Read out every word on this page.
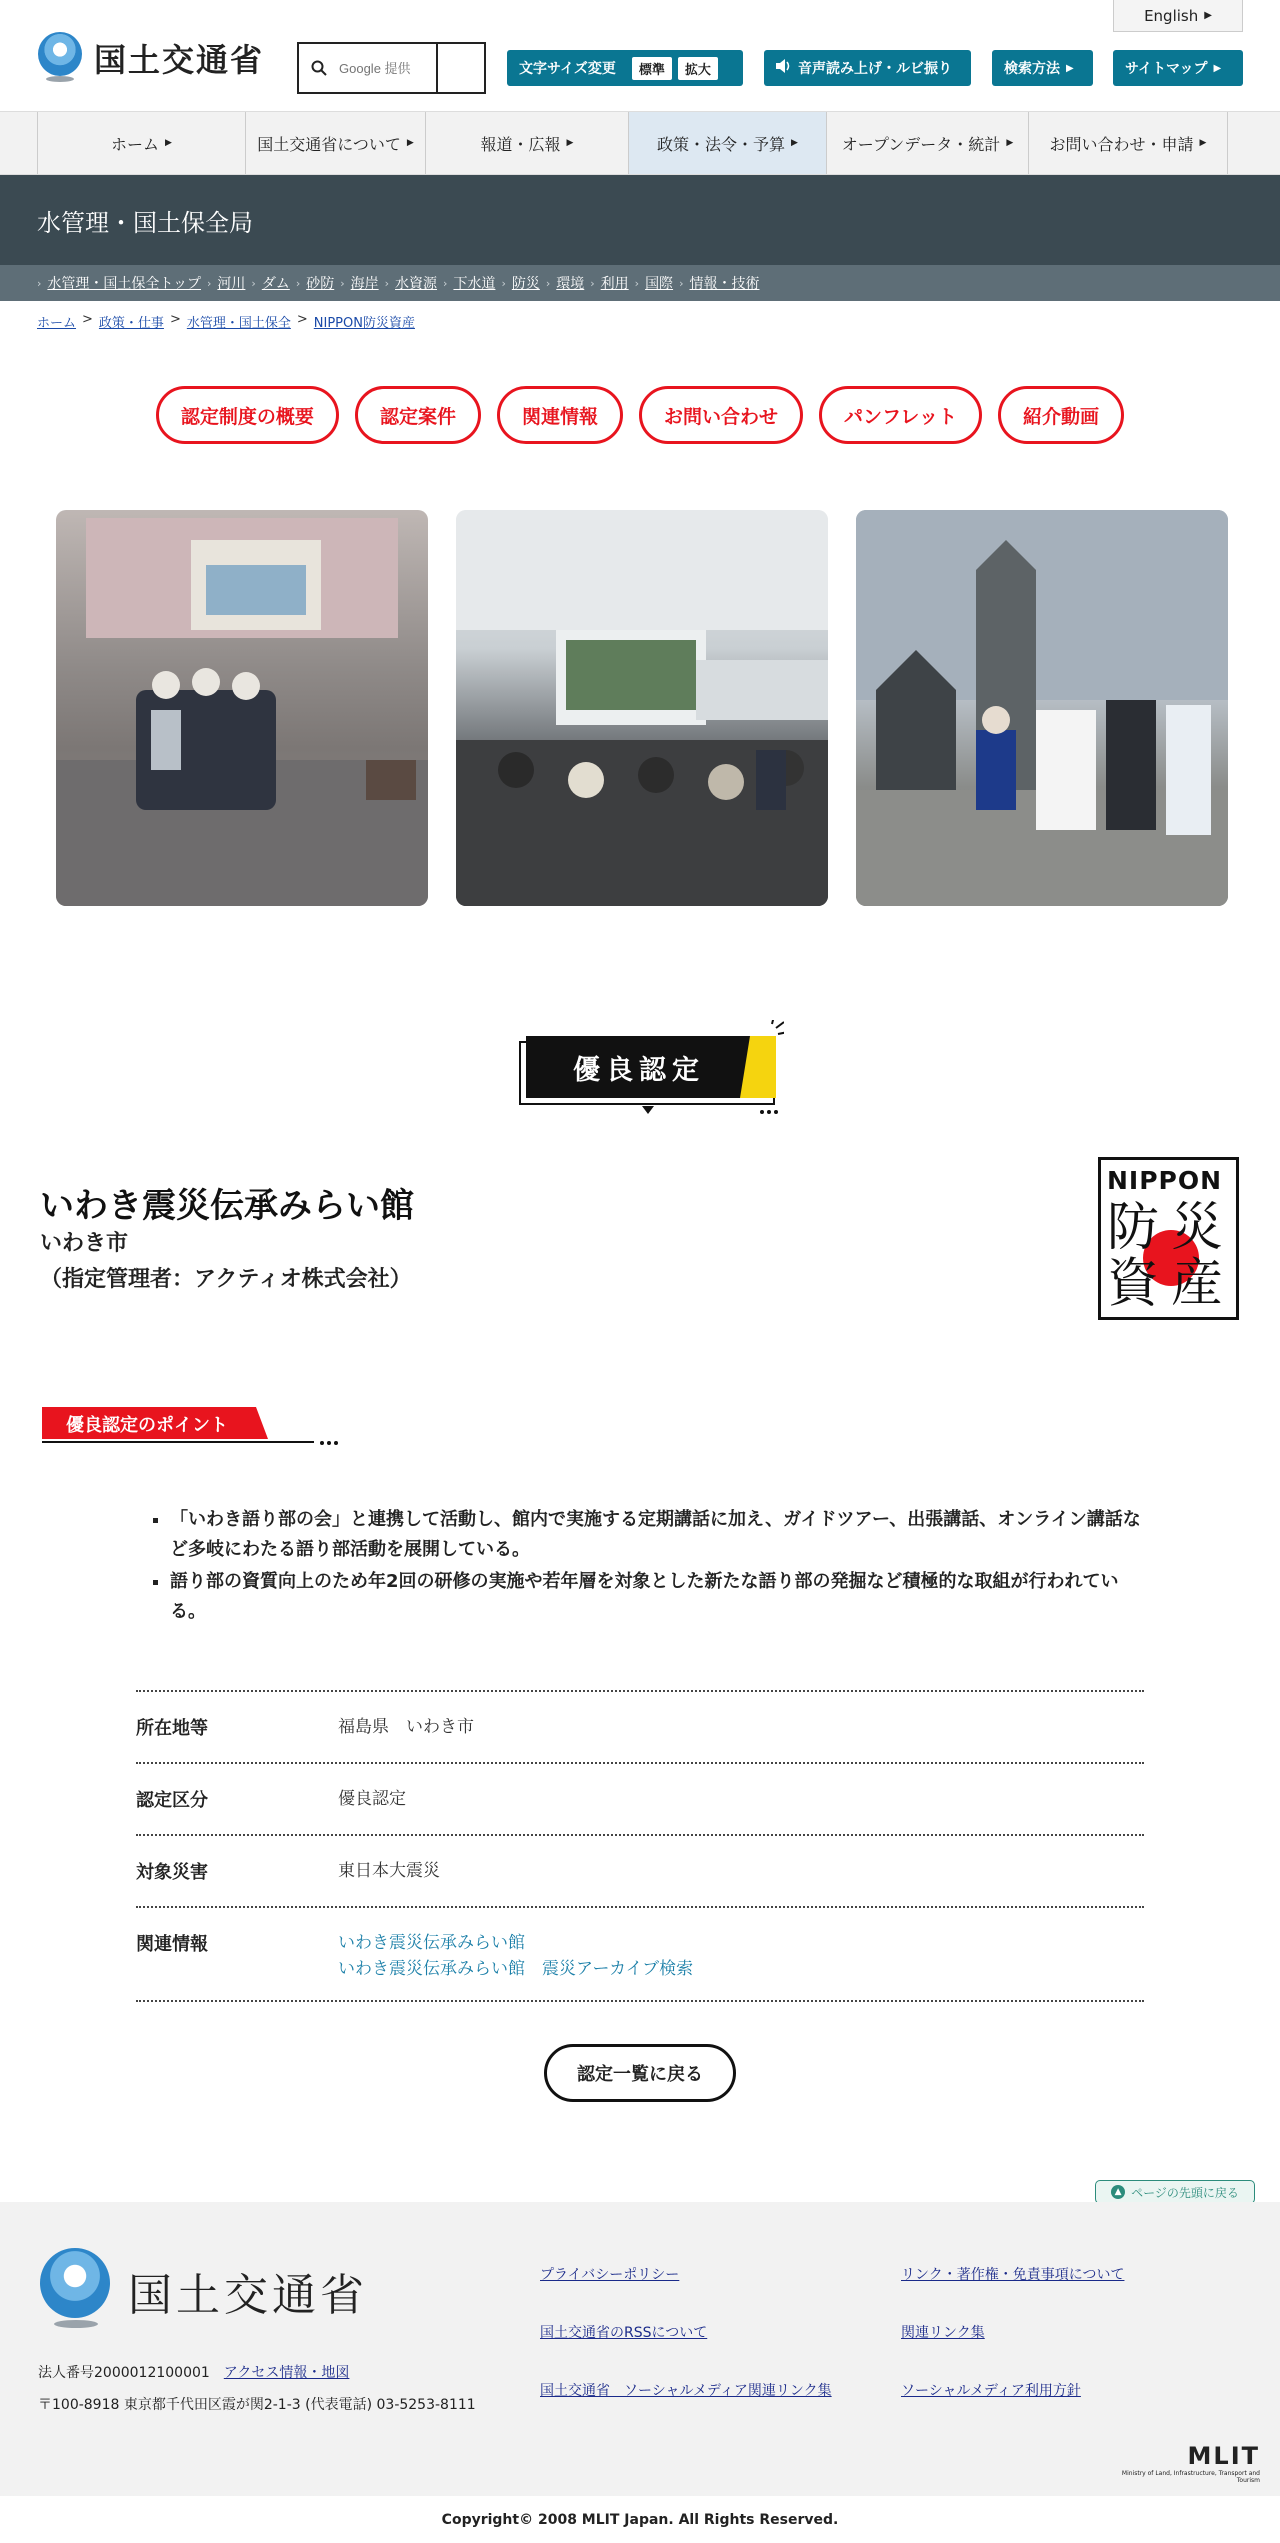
国土交通省
English ▶
Google 提供
文字サイズ変更	標準	拡大	音声読み上げ・ルビ振り	検索方法 ▶	サイトマップ ▶
ホーム ▶	国土交通省について ▶	報道・広報 ▶	政策・法令・予算 ▶	オープンデータ・統計 ▶ お問い合わせ・申請 ▶
水管理・国土保全局
› 水管理・国土保全トップ › 河川 › ダム › 砂防 › 海岸 › 水資源 › 下水道 › 防災 › 環境 › 利用 › 国際 › 情報・技術
ホーム > 政策・仕事 > 水管理・国土保全 > NIPPON防災資産
認定制度の概要	認定案件	関連情報	お問い合わせ	パンフレット	紹介動画
優良認定
いわき震災伝承みらい館
いわき市
（指定管理者：アクティオ株式会社）
NIPPON
防 災
資 産
優良認定のポイント
▪ 「いわき語り部の会」と連携して活動し、館内で実施する定期講話に加え、ガイドツアー、出張講話、オンライン講話など多岐にわたる語り部活動を展開している。
▪ 語り部の資質向上のため年2回の研修の実施や若年層を対象とした新たな語り部の発掘など積極的な取組が行われている。
所在地等	福島県　いわき市
認定区分	優良認定
対象災害	東日本大震災
関連情報	いわき震災伝承みらい館
いわき震災伝承みらい館　震災アーカイブ検索
認定一覧に戻る
▲ ページの先頭に戻る
国土交通省
法人番号2000012100001 アクセス情報・地図
〒100-8918 東京都千代田区霞が関2-1-3 (代表電話) 03-5253-8111
プライバシーポリシー	リンク・著作権・免責事項について
国土交通省のRSSについて	関連リンク集
国土交通省　ソーシャルメディア関連リンク集	ソーシャルメディア利用方針
MLIT
Ministry of Land, Infrastructure, Transport and Tourism
Copyright© 2008 MLIT Japan. All Rights Reserved.
